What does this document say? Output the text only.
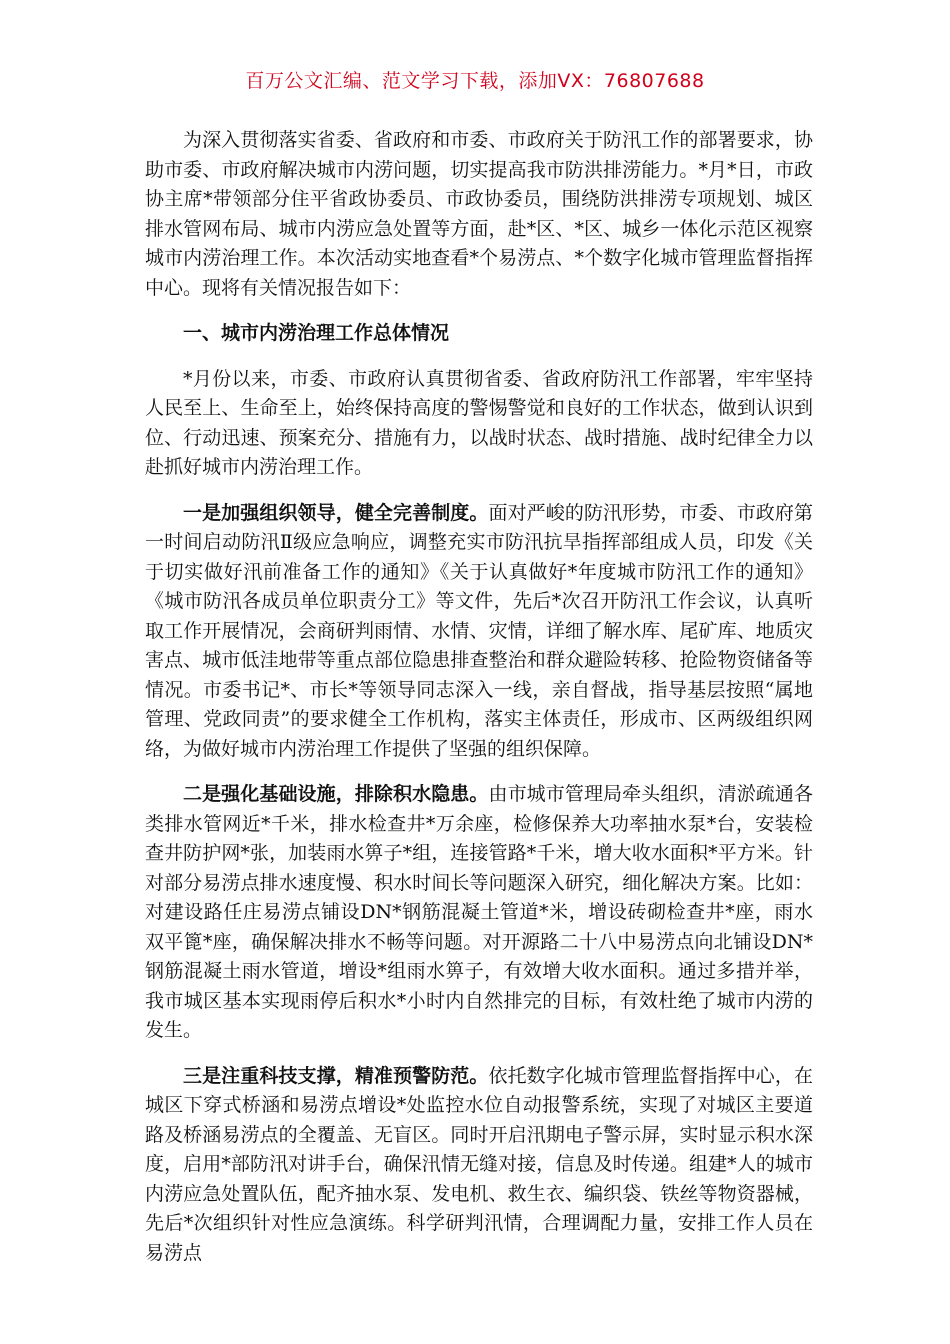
百万公文汇编、范文学习下载，添加VX：76807688

为深入贯彻落实省委、省政府和市委、市政府关于防汛工作的部署要求，协助市委、市政府解决城市内涝问题，切实提高我市防洪排涝能力。*月*日，市政协主席*带领部分住平省政协委员、市政协委员，围绕防洪排涝专项规划、城区排水管网布局、城市内涝应急处置等方面，赴*区、*区、城乡一体化示范区视察城市内涝治理工作。本次活动实地查看*个易涝点、*个数字化城市管理监督指挥中心。现将有关情况报告如下：

一、城市内涝治理工作总体情况

*月份以来，市委、市政府认真贯彻省委、省政府防汛工作部署，牢牢坚持人民至上、生命至上，始终保持高度的警惕警觉和良好的工作状态，做到认识到位、行动迅速、预案充分、措施有力，以战时状态、战时措施、战时纪律全力以赴抓好城市内涝治理工作。

一是加强组织领导，健全完善制度。面对严峻的防汛形势，市委、市政府第一时间启动防汛Ⅱ级应急响应，调整充实市防汛抗旱指挥部组成人员，印发《关于切实做好汛前准备工作的通知》《关于认真做好*年度城市防汛工作的通知》《城市防汛各成员单位职责分工》等文件，先后*次召开防汛工作会议，认真听取工作开展情况，会商研判雨情、水情、灾情，详细了解水库、尾矿库、地质灾害点、城市低洼地带等重点部位隐患排查整治和群众避险转移、抢险物资储备等情况。市委书记*、市长*等领导同志深入一线，亲自督战，指导基层按照“属地管理、党政同责”的要求健全工作机构，落实主体责任，形成市、区两级组织网络，为做好城市内涝治理工作提供了坚强的组织保障。

二是强化基础设施，排除积水隐患。由市城市管理局牵头组织，清淤疏通各类排水管网近*千米，排水检查井*万余座，检修保养大功率抽水泵*台，安装检查井防护网*张，加装雨水箅子*组，连接管路*千米，增大收水面积*平方米。针对部分易涝点排水速度慢、积水时间长等问题深入研究，细化解决方案。比如：对建设路任庄易涝点铺设DN*钢筋混凝土管道*米，增设砖砌检查井*座，雨水双平篦*座，确保解决排水不畅等问题。对开源路二十八中易涝点向北铺设DN*钢筋混凝土雨水管道，增设*组雨水箅子，有效增大收水面积。通过多措并举，我市城区基本实现雨停后积水*小时内自然排完的目标，有效杜绝了城市内涝的发生。

三是注重科技支撑，精准预警防范。依托数字化城市管理监督指挥中心，在城区下穿式桥涵和易涝点增设*处监控水位自动报警系统，实现了对城区主要道路及桥涵易涝点的全覆盖、无盲区。同时开启汛期电子警示屏，实时显示积水深度，启用*部防汛对讲手台，确保汛情无缝对接，信息及时传递。组建*人的城市内涝应急处置队伍，配齐抽水泵、发电机、救生衣、编织袋、铁丝等物资器械，先后*次组织针对性应急演练。科学研判汛情，合理调配力量，安排工作人员在易涝点
